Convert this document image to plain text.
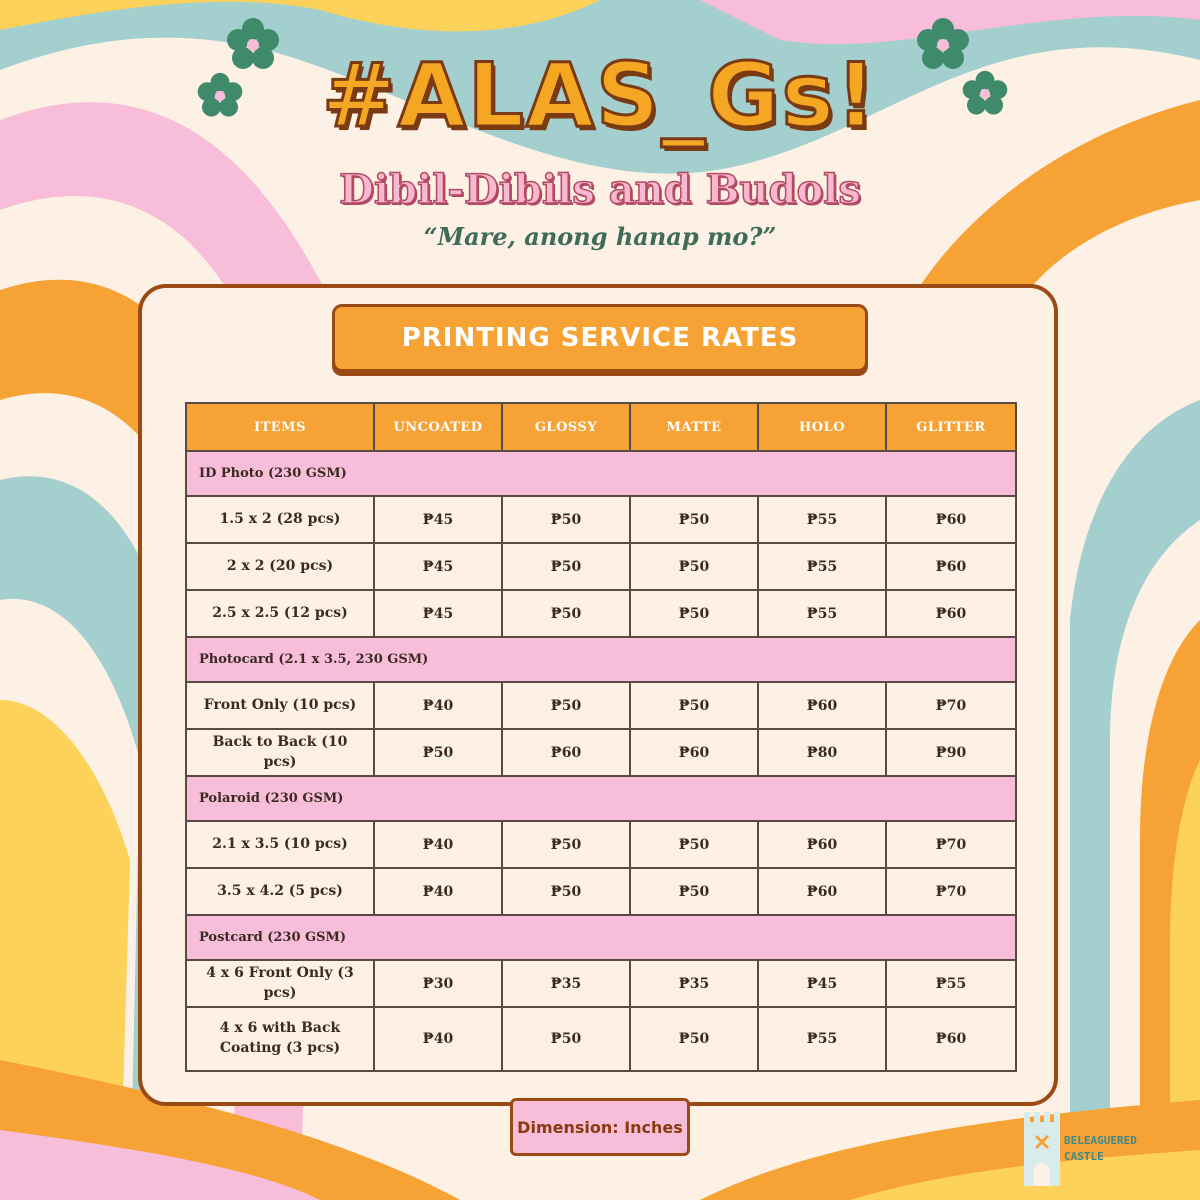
#ALAS_Gs!
Dibil-Dibils and Budols
“Mare, anong hanap mo?”
PRINTING SERVICE RATES
ITEMS	UNCOATED	GLOSSY	MATTE	HOLO	GLITTER
ID Photo (230 GSM)					
1.5 x 2 (28 pcs)	₱45	₱50	₱50	₱55	₱60
2 x 2 (20 pcs)	₱45	₱50	₱50	₱55	₱60
2.5 x 2.5 (12 pcs)	₱45	₱50	₱50	₱55	₱60
Photocard (2.1 x 3.5, 230 GSM)					
Front Only (10 pcs)	₱40	₱50	₱50	₱60	₱70
Back to Back (10 pcs)	₱50	₱60	₱60	₱80	₱90
Polaroid (230 GSM)					
2.1 x 3.5 (10 pcs)	₱40	₱50	₱50	₱60	₱70
3.5 x 4.2 (5 pcs)	₱40	₱50	₱50	₱60	₱70
Postcard (230 GSM)					
4 x 6 Front Only (3 pcs)	₱30	₱35	₱35	₱45	₱55
4 x 6 with Back Coating (3 pcs)	₱40	₱50	₱50	₱55	₱60
Dimension: Inches
BELEAGUERED
CASTLE
